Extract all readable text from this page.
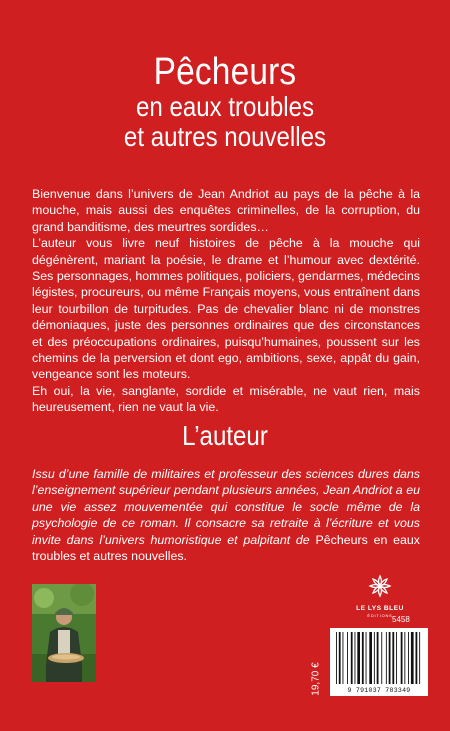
Pêcheurs
en eaux troubles
et autres nouvelles

Bienvenue dans l’univers de Jean Andriot au pays de la pêche à la mouche, mais aussi des enquêtes criminelles, de la corruption, du grand banditisme, des meurtres sordides…

L’auteur vous livre neuf histoires de pêche à la mouche qui dégénèrent, mariant la poésie, le drame et l’humour avec dextérité. Ses personnages, hommes politiques, policiers, gendarmes, médecins légistes, procureurs, ou même Français moyens, vous entraînent dans leur tourbillon de turpitudes. Pas de chevalier blanc ni de monstres démoniaques, juste des personnes ordinaires que des circonstances et des préoccupations ordinaires, puisqu’humaines, poussent sur les chemins de la perversion et dont ego, ambitions, sexe, appât du gain, vengeance sont les moteurs.

Eh oui, la vie, sanglante, sordide et misérable, ne vaut rien, mais heureusement, rien ne vaut la vie.

L’auteur
Issu d’une famille de militaires et professeur des sciences dures dans l’enseignement supérieur pendant plusieurs années, Jean Andriot a eu une vie assez mouvementée qui constitue le socle même de la psychologie de ce roman. Il consacre sa retraite à l’écriture et vous invite dans l’univers humoristique et palpitant de Pêcheurs en eaux troubles et autres nouvelles.
LE LYS BLEU
ÉDITIONS 5458
19,70 €	9 791037 783349
